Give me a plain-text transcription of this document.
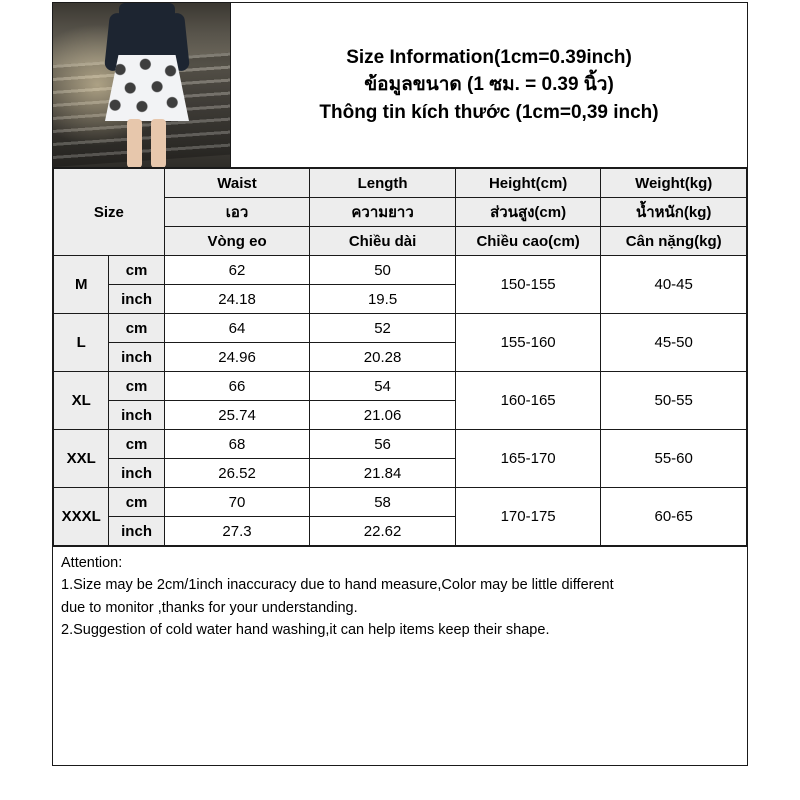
Size Information(1cm=0.39inch)
ข้อมูลขนาด (1 ซม. = 0.39 นิ้ว)
Thông tin kích thước (1cm=0,39 inch)
Size		Waist	Length	Height(cm)	Weight(kg)
		เอว	ความยาว	ส่วนสูง(cm)	น้ำหนัก(kg)
		Vòng eo	Chiều dài	Chiều cao(cm)	Cân nặng(kg)
M	cm	62	50	150-155	40-45
	inch	24.18	19.5		
L	cm	64	52	155-160	45-50
	inch	24.96	20.28		
XL	cm	66	54	160-165	50-55
	inch	25.74	21.06		
XXL	cm	68	56	165-170	55-60
	inch	26.52	21.84		
XXXL	cm	70	58	170-175	60-65
	inch	27.3	22.62		

Attention:

1.Size may be 2cm/1inch inaccuracy due to hand measure,Color may be little different

due to monitor ,thanks for your understanding.

2.Suggestion of cold water hand washing,it can help items keep their shape.
